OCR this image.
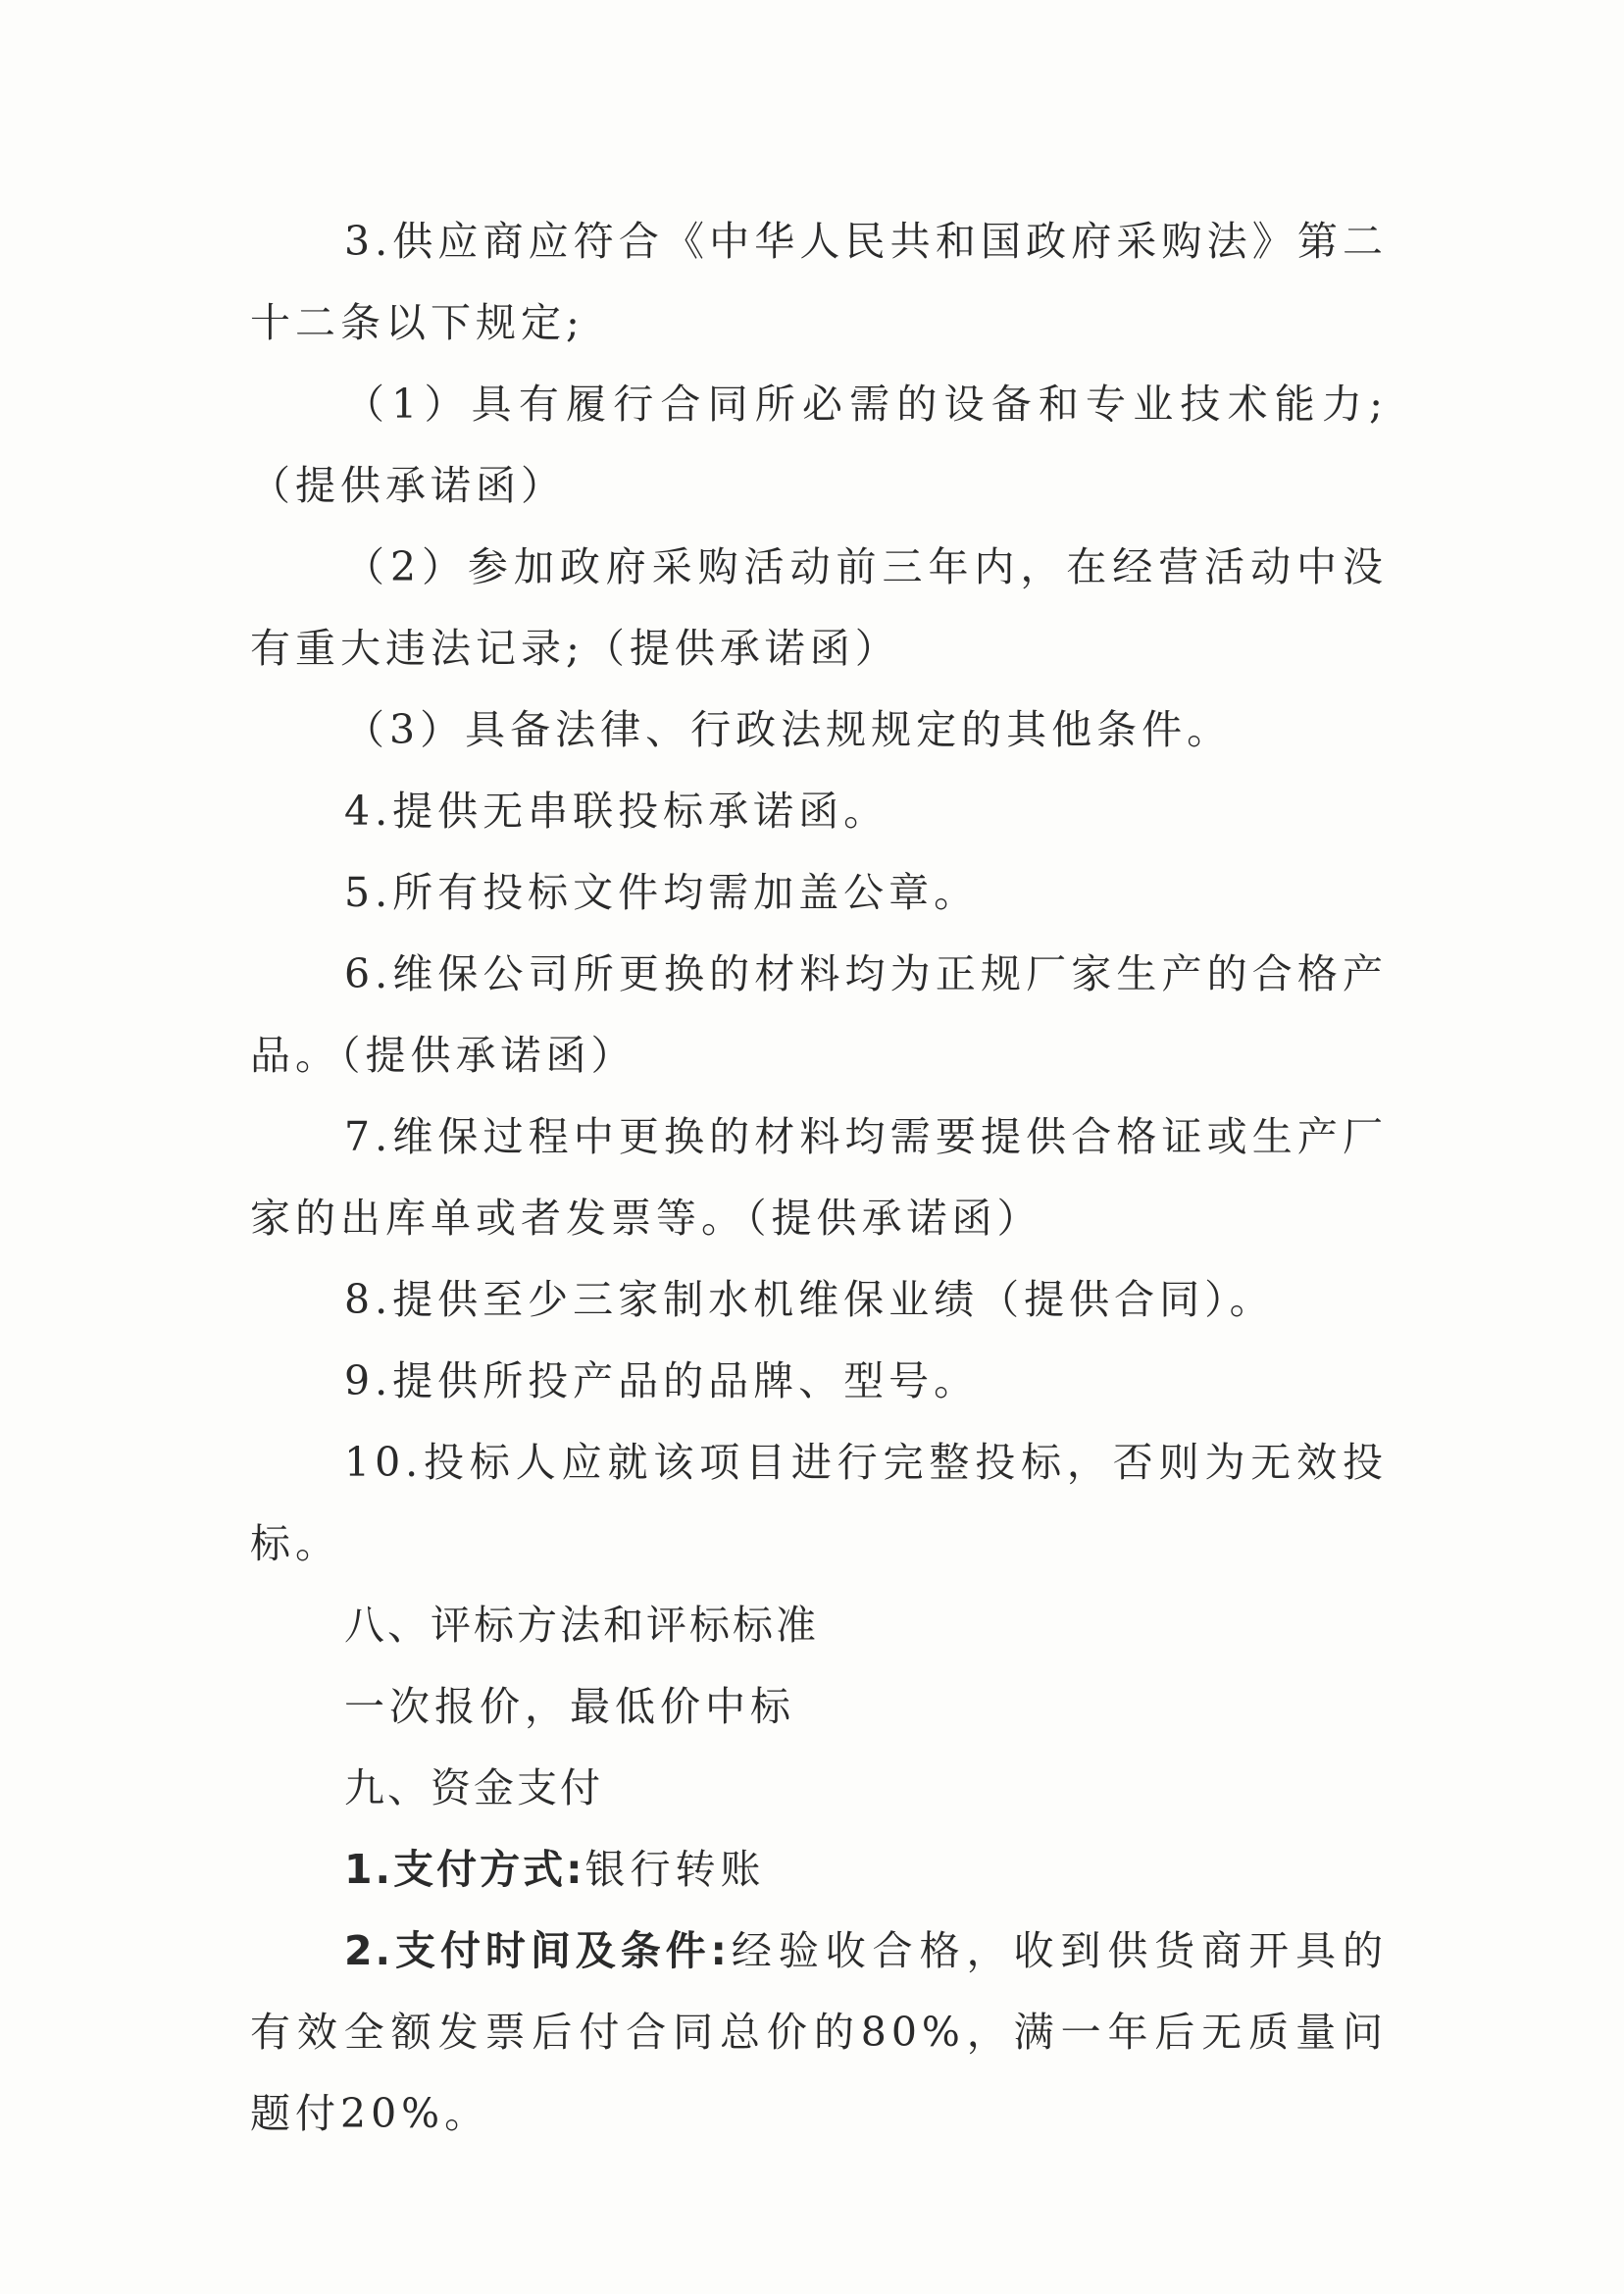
3.供应商应符合《中华人民共和国政府采购法》第二十二条以下规定;

（1）具有履行合同所必需的设备和专业技术能力;（提供承诺函）

（2）参加政府采购活动前三年内，在经营活动中没有重大违法记录;（提供承诺函）

（3）具备法律、行政法规规定的其他条件。

4.提供无串联投标承诺函。

5.所有投标文件均需加盖公章。

6.维保公司所更换的材料均为正规厂家生产的合格产品。（提供承诺函）

7.维保过程中更换的材料均需要提供合格证或生产厂家的出库单或者发票等。（提供承诺函）

8.提供至少三家制水机维保业绩（提供合同）。

9.提供所投产品的品牌、型号。

10.投标人应就该项目进行完整投标，否则为无效投标。

八、评标方法和评标标准

一次报价，最低价中标

九、资金支付

1.支付方式:银行转账

2.支付时间及条件:经验收合格，收到供货商开具的有效全额发票后付合同总价的80%，满一年后无质量问题付20%。
